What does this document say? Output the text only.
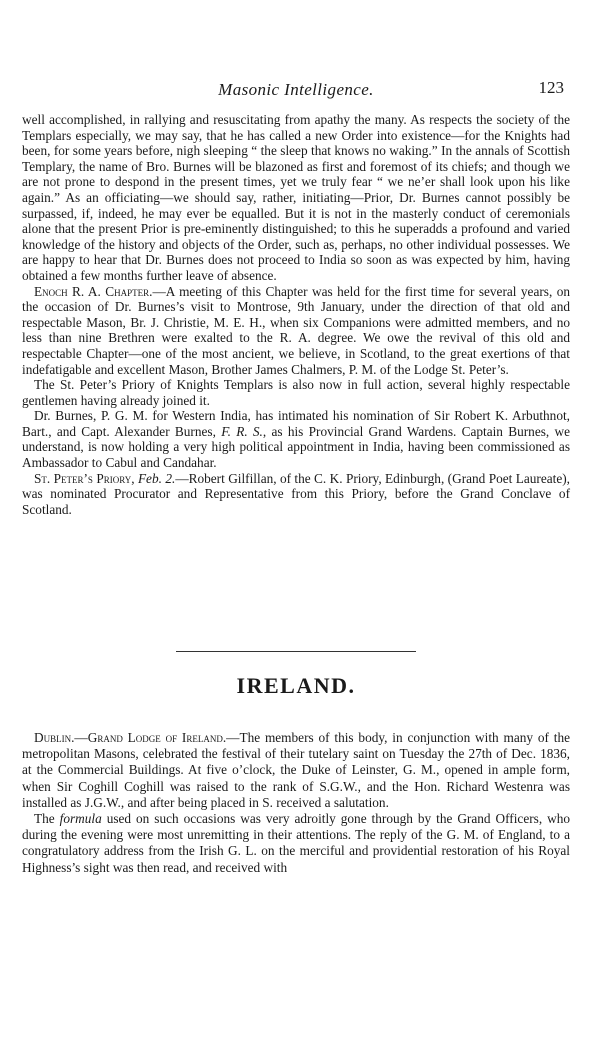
Masonic Intelligence.	123

well accomplished, in rallying and resuscitating from apathy the many. As respects the society of the Templars especially, we may say, that he has called a new Order into existence—for the Knights had been, for some years before, nigh sleeping “ the sleep that knows no waking.” In the annals of Scottish Templary, the name of Bro. Burnes will be blazoned as first and foremost of its chiefs; and though we are not prone to despond in the present times, yet we truly fear “ we ne’er shall look upon his like again.” As an officiating—we should say, rather, initiating—Prior, Dr. Burnes cannot possibly be surpassed, if, indeed, he may ever be equalled. But it is not in the masterly conduct of ceremonials alone that the present Prior is pre-eminently distinguished; to this he superadds a profound and varied knowledge of the history and objects of the Order, such as, perhaps, no other individual possesses. We are happy to hear that Dr. Burnes does not proceed to India so soon as was expected by him, having obtained a few months further leave of absence.

Enoch R. A. Chapter.—A meeting of this Chapter was held for the first time for several years, on the occasion of Dr. Burnes’s visit to Montrose, 9th January, under the direction of that old and respectable Mason, Br. J. Christie, M. E. H., when six Companions were admitted members, and no less than nine Brethren were exalted to the R. A. degree. We owe the revival of this old and respectable Chapter—one of the most ancient, we believe, in Scotland, to the great exertions of that indefatigable and excellent Mason, Brother James Chalmers, P. M. of the Lodge St. Peter’s.

The St. Peter’s Priory of Knights Templars is also now in full action, several highly respectable gentlemen having already joined it.

Dr. Burnes, P. G. M. for Western India, has intimated his nomination of Sir Robert K. Arbuthnot, Bart., and Capt. Alexander Burnes, F. R. S., as his Provincial Grand Wardens. Captain Burnes, we understand, is now holding a very high political appointment in India, having been commissioned as Ambassador to Cabul and Candahar.

St. Peter’s Priory, Feb. 2.—Robert Gilfillan, of the C. K. Priory, Edinburgh, (Grand Poet Laureate), was nominated Procurator and Representative from this Priory, before the Grand Conclave of Scotland.

IRELAND.

Dublin.—Grand Lodge of Ireland.—The members of this body, in conjunction with many of the metropolitan Masons, celebrated the festival of their tutelary saint on Tuesday the 27th of Dec. 1836, at the Commercial Buildings. At five o’clock, the Duke of Leinster, G. M., opened in ample form, when Sir Coghill Coghill was raised to the rank of S.G.W., and the Hon. Richard Westenra was installed as J.G.W., and after being placed in S. received a salutation.

The formula used on such occasions was very adroitly gone through by the Grand Officers, who during the evening were most unremitting in their attentions. The reply of the G. M. of England, to a congratulatory address from the Irish G. L. on the merciful and providential restoration of his Royal Highness’s sight was then read, and received with
